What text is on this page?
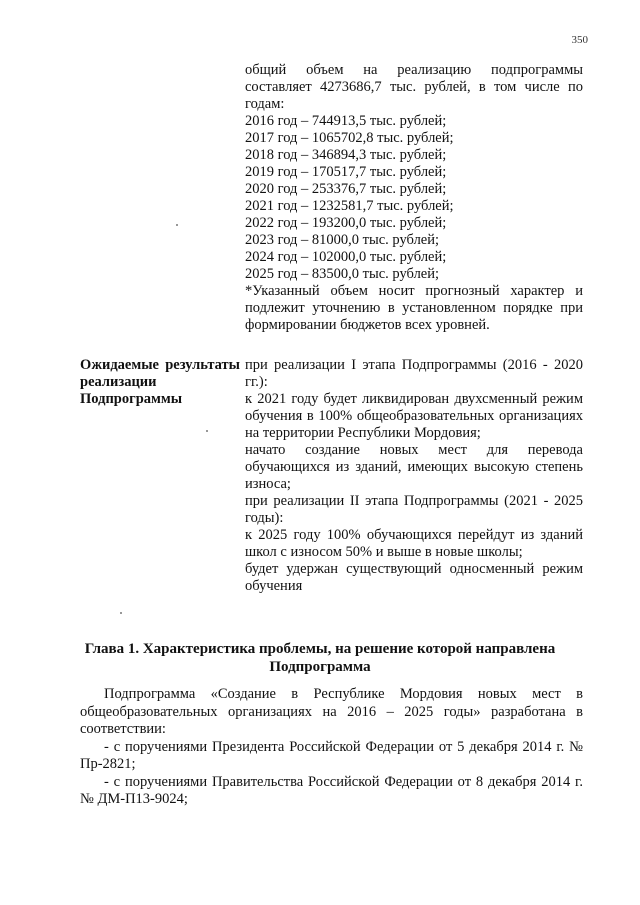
350

общий объем на реализацию подпрограммы составляет 4273686,7 тыс. рублей, в том числе по годам:

2016 год – 744913,5 тыс. рублей;

2017 год – 1065702,8 тыс. рублей;

2018 год – 346894,3 тыс. рублей;

2019 год – 170517,7 тыс. рублей;

2020 год – 253376,7 тыс. рублей;

2021 год – 1232581,7 тыс. рублей;

2022 год – 193200,0 тыс. рублей;

2023 год – 81000,0 тыс. рублей;

2024 год – 102000,0 тыс. рублей;

2025 год – 83500,0 тыс. рублей;

*Указанный объем носит прогнозный характер и подлежит уточнению в установленном порядке при формировании бюджетов всех уровней.

Ожидаемые результаты реализации Подпрограммы

при реализации I этапа Подпрограммы (2016 - 2020 гг.):

к 2021 году будет ликвидирован двухсменный режим обучения в 100% общеобразовательных организациях на территории Республики Мордовия;

начато создание новых мест для перевода обучающихся из зданий, имеющих высокую степень износа;

при реализации II этапа Подпрограммы (2021 - 2025 годы):

к 2025 году 100% обучающихся перейдут из зданий школ с износом 50% и выше в новые школы;

будет удержан существующий односменный режим обучения

Глава 1. Характеристика проблемы, на решение которой направлена Подпрограмма

Подпрограмма «Создание в Республике Мордовия новых мест в общеобразовательных организациях на 2016 – 2025 годы» разработана в соответствии:

- с поручениями Президента Российской Федерации от 5 декабря 2014 г. № Пр-2821;

- с поручениями Правительства Российской Федерации от 8 декабря 2014 г. № ДМ-П13-9024;
